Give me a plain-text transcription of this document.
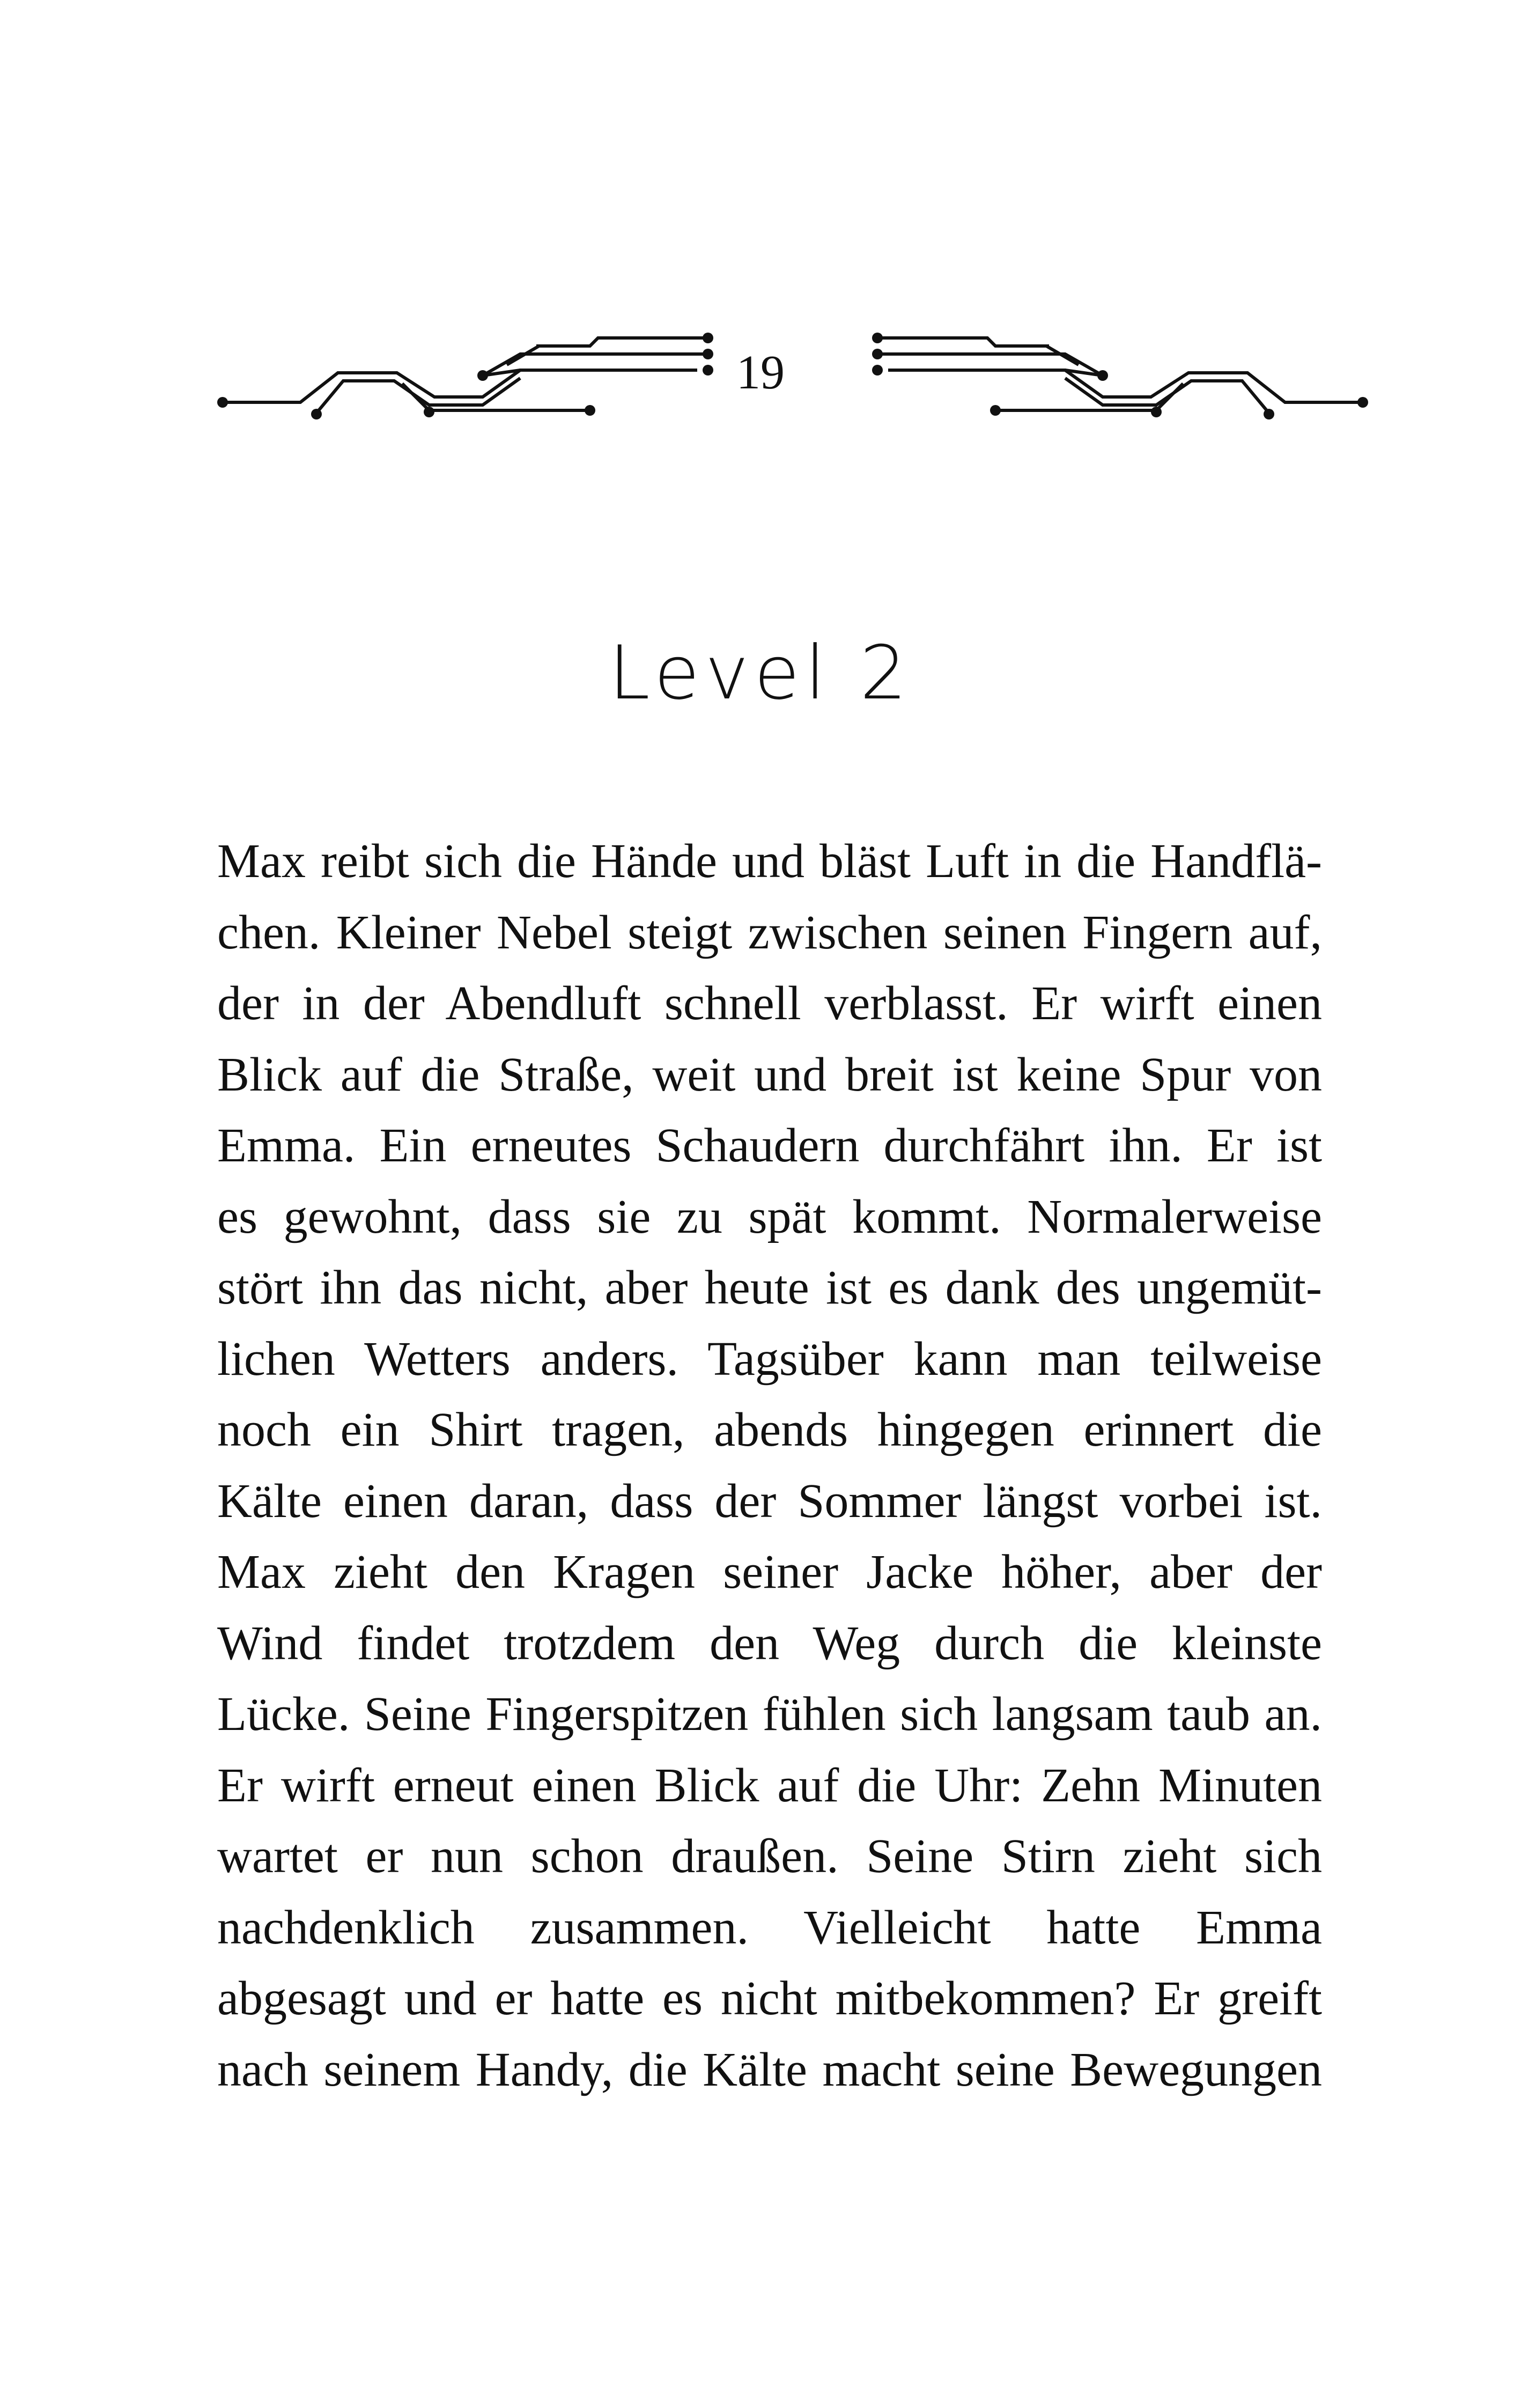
19
Level 2
Max reibt sich die Hände und bläst Luft in die Handflä-
chen. Kleiner Nebel steigt zwischen seinen Fingern auf,
der in der Abendluft schnell verblasst. Er wirft einen
Blick auf die Straße, weit und breit ist keine Spur von
Emma. Ein erneutes Schaudern durchfährt ihn. Er ist
es gewohnt, dass sie zu spät kommt. Normalerweise
stört ihn das nicht, aber heute ist es dank des ungemüt-
lichen Wetters anders. Tagsüber kann man teilweise
noch ein Shirt tragen, abends hingegen erinnert die
Kälte einen daran, dass der Sommer längst vorbei ist.
Max zieht den Kragen seiner Jacke höher, aber der
Wind findet trotzdem den Weg durch die kleinste
Lücke. Seine Fingerspitzen fühlen sich langsam taub an.
Er wirft erneut einen Blick auf die Uhr: Zehn Minuten
wartet er nun schon draußen. Seine Stirn zieht sich
nachdenklich zusammen. Vielleicht hatte Emma
abgesagt und er hatte es nicht mitbekommen? Er greift
nach seinem Handy, die Kälte macht seine Bewegungen
